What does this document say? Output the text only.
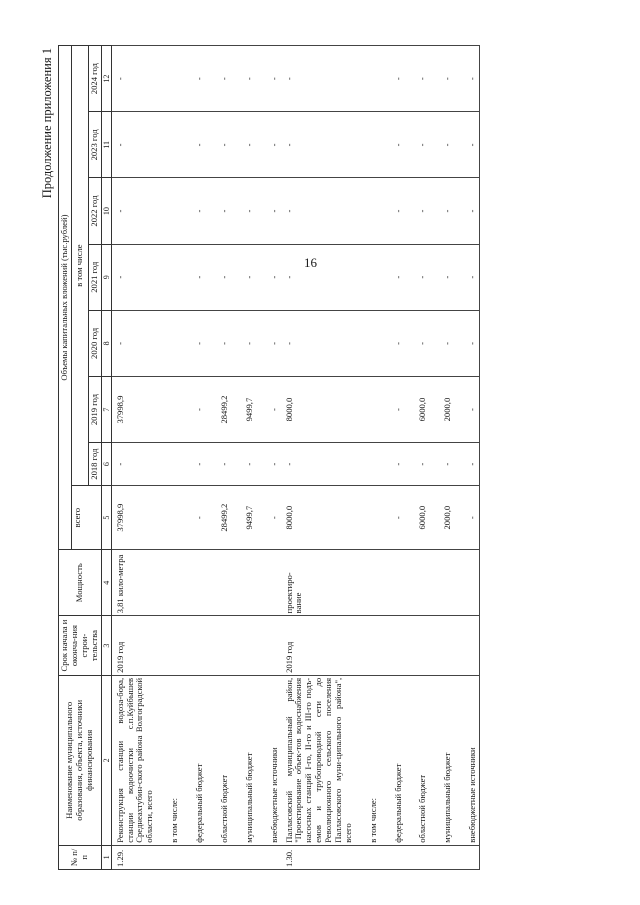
16
Продолжение приложения 1
№ п/п	Наименование муниципального образования, объекта, источники финансирования	Срок начала и оконча-ния строи-тельства	Мощность	Объемы капитальных вложений (тыс.рублей)							
				всего	в том числе						
					2018 год	2019 год	2020 год	2021 год	2022 год	2023 год	2024 год
1	2	3	4	5	6	7	8	9	10	11	12
1.29.	Реконструкция станции водоза-бора, станции водоочистки с.п.Куйбышев Среднеахтубин-ского района Волгоградской области, всего	2019 год	3,81 кило-метра	37998,9	-	37998,9	-	-	-	-	-
	в том числе:										
	федеральный бюджет			-	-	-	-	-	-	-	-
	областной бюджет			28499,2	-	28499,2	-	-	-	-	-
	муниципальный бюджет			9499,7	-	9499,7	-	-	-	-	-
	внебюджетные источники			-	-	-	-	-	-	-	-
1.30.	Палласовский муниципальный район, "Проектирование объек-тов водоснабжения насосных станций I-го, II-го и III-го подъ-емов и трубопроводной сети до Революционного сельского поселения Палласовского муни-ципального района", всего	2019 год	проектиро-вание	8000,0	-	8000,0	-	-	-	-	-
	в том числе:										
	федеральный бюджет			-	-	-	-	-	-	-	-
	областной бюджет			6000,0	-	6000,0	-	-	-	-	-
	муниципальный бюджет			2000,0	-	2000,0	-	-	-	-	-
	внебюджетные источники			-	-	-	-	-	-	-	-
